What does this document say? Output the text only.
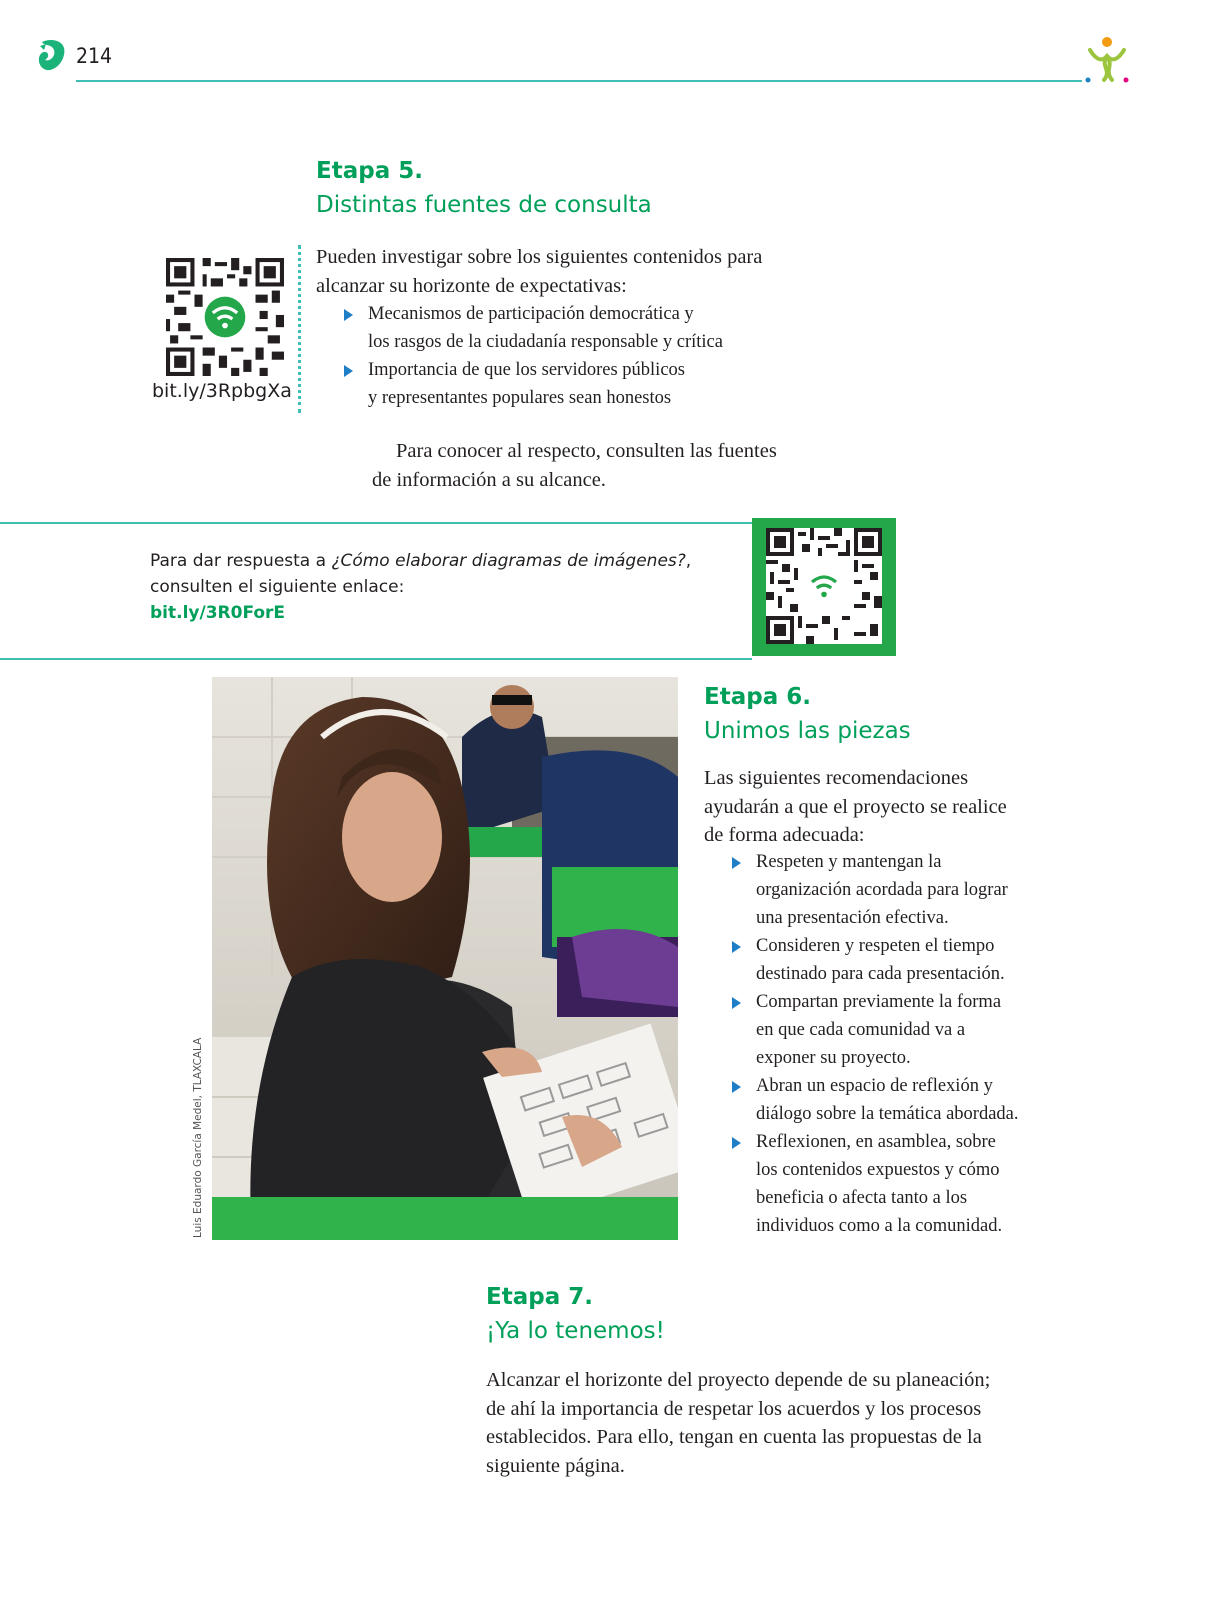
214
Etapa 5.
Distintas fuentes de consulta
bit.ly/3RpbgXa
Pueden investigar sobre los siguientes contenidos para
alcanzar su horizonte de expectativas:
Mecanismos de participación democrática y
los rasgos de la ciudadanía responsable y crítica
Importancia de que los servidores públicos
y representantes populares sean honestos
Para conocer al respecto, consulten las fuentes
de información a su alcance.
Para dar respuesta a ¿Cómo elaborar diagramas de imágenes?,
consulten el siguiente enlace:
bit.ly/3R0ForE
Luis Eduardo García Medel, TLAXCALA
Etapa 6.
Unimos las piezas
Las siguientes recomendaciones
ayudarán a que el proyecto se realice
de forma adecuada:
Respeten y mantengan la
organización acordada para lograr
una presentación efectiva.
Consideren y respeten el tiempo
destinado para cada presentación.
Compartan previamente la forma
en que cada comunidad va a
exponer su proyecto.
Abran un espacio de reflexión y
diálogo sobre la temática abordada.
Reflexionen, en asamblea, sobre
los contenidos expuestos y cómo
beneficia o afecta tanto a los
individuos como a la comunidad.
Etapa 7.
¡Ya lo tenemos!
Alcanzar el horizonte del proyecto depende de su planeación;
de ahí la importancia de respetar los acuerdos y los procesos
establecidos. Para ello, tengan en cuenta las propuestas de la
siguiente página.
